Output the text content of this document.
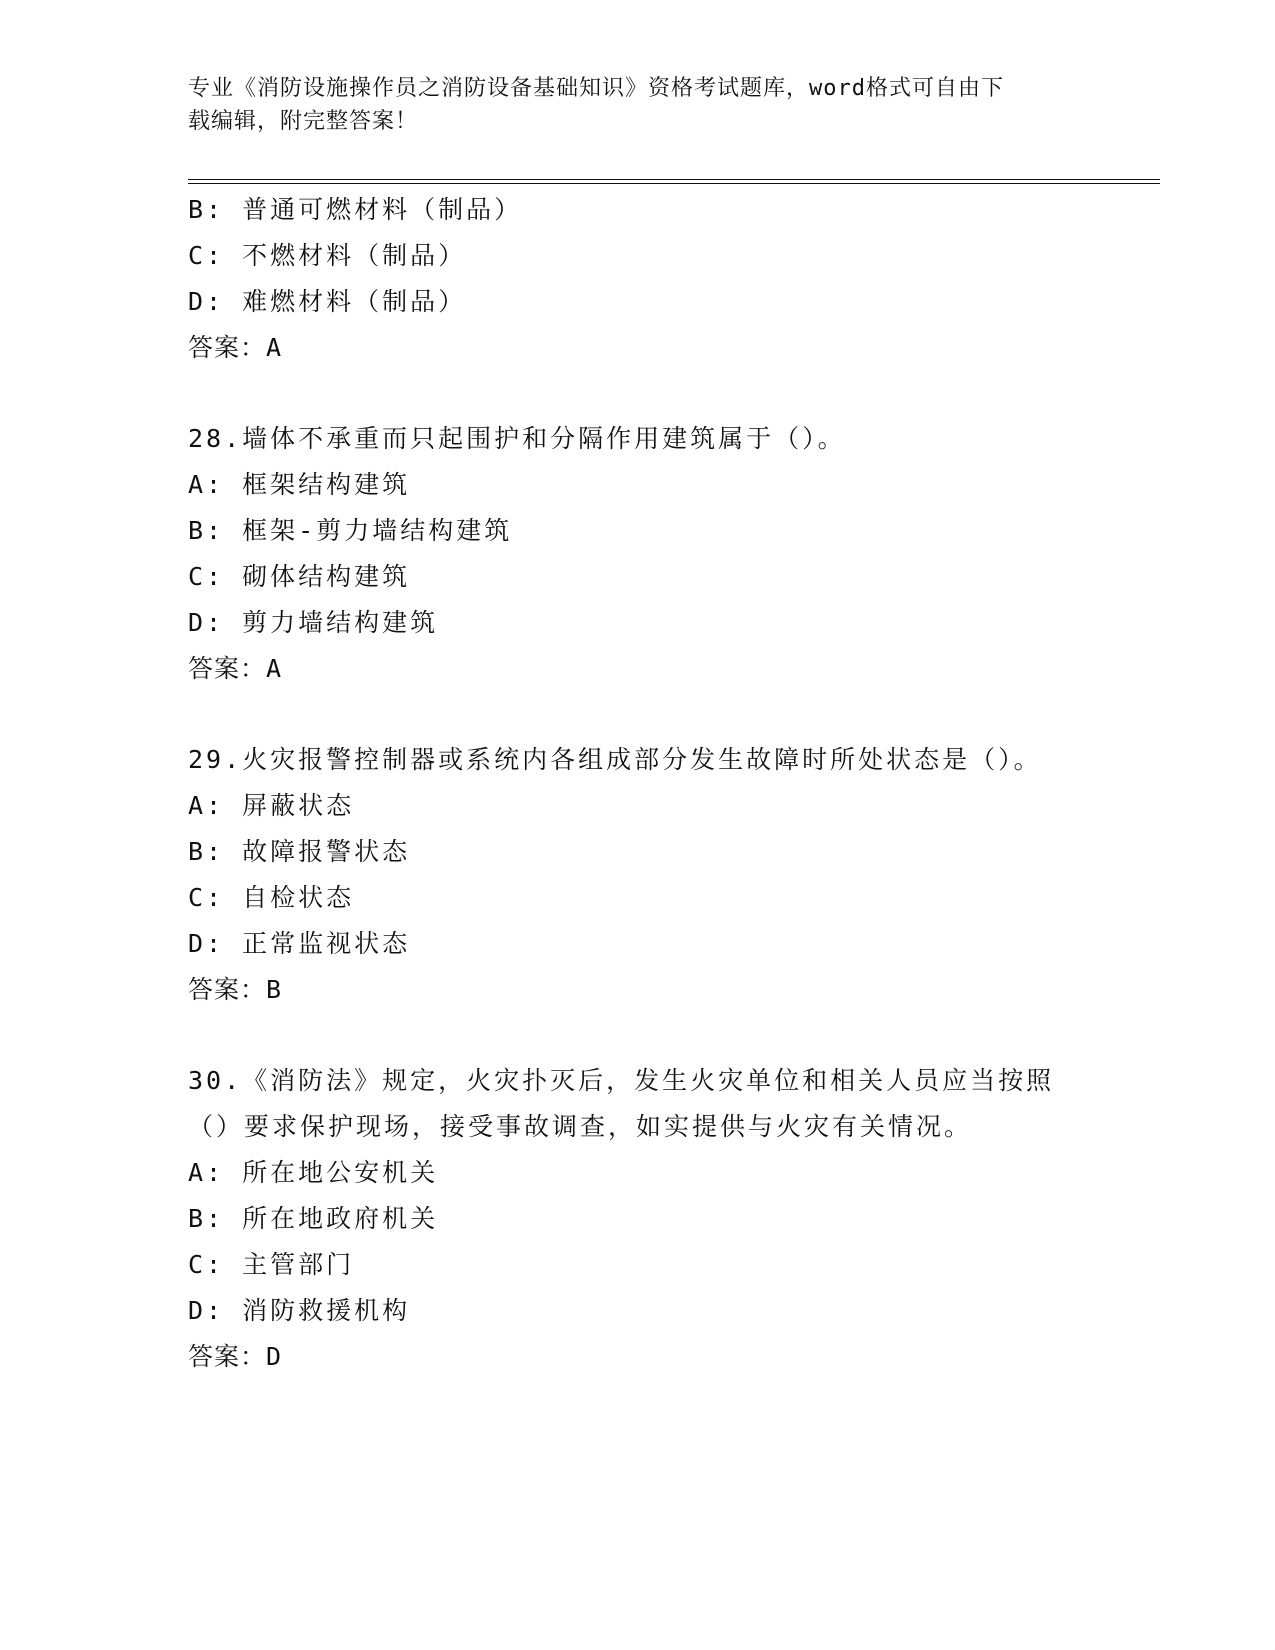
专业《消防设施操作员之消防设备基础知识》资格考试题库，word格式可自由下
载编辑，附完整答案！
B: 普通可燃材料（制品）
C: 不燃材料（制品）
D: 难燃材料（制品）
答案：A
28.墙体不承重而只起围护和分隔作用建筑属于（）。
A: 框架结构建筑
B: 框架-剪力墙结构建筑
C: 砌体结构建筑
D: 剪力墙结构建筑
答案：A
29.火灾报警控制器或系统内各组成部分发生故障时所处状态是（）。
A: 屏蔽状态
B: 故障报警状态
C: 自检状态
D: 正常监视状态
答案：B
30.《消防法》规定，火灾扑灭后，发生火灾单位和相关人员应当按照
（）要求保护现场，接受事故调查，如实提供与火灾有关情况。
A: 所在地公安机关
B: 所在地政府机关
C: 主管部门
D: 消防救援机构
答案：D
